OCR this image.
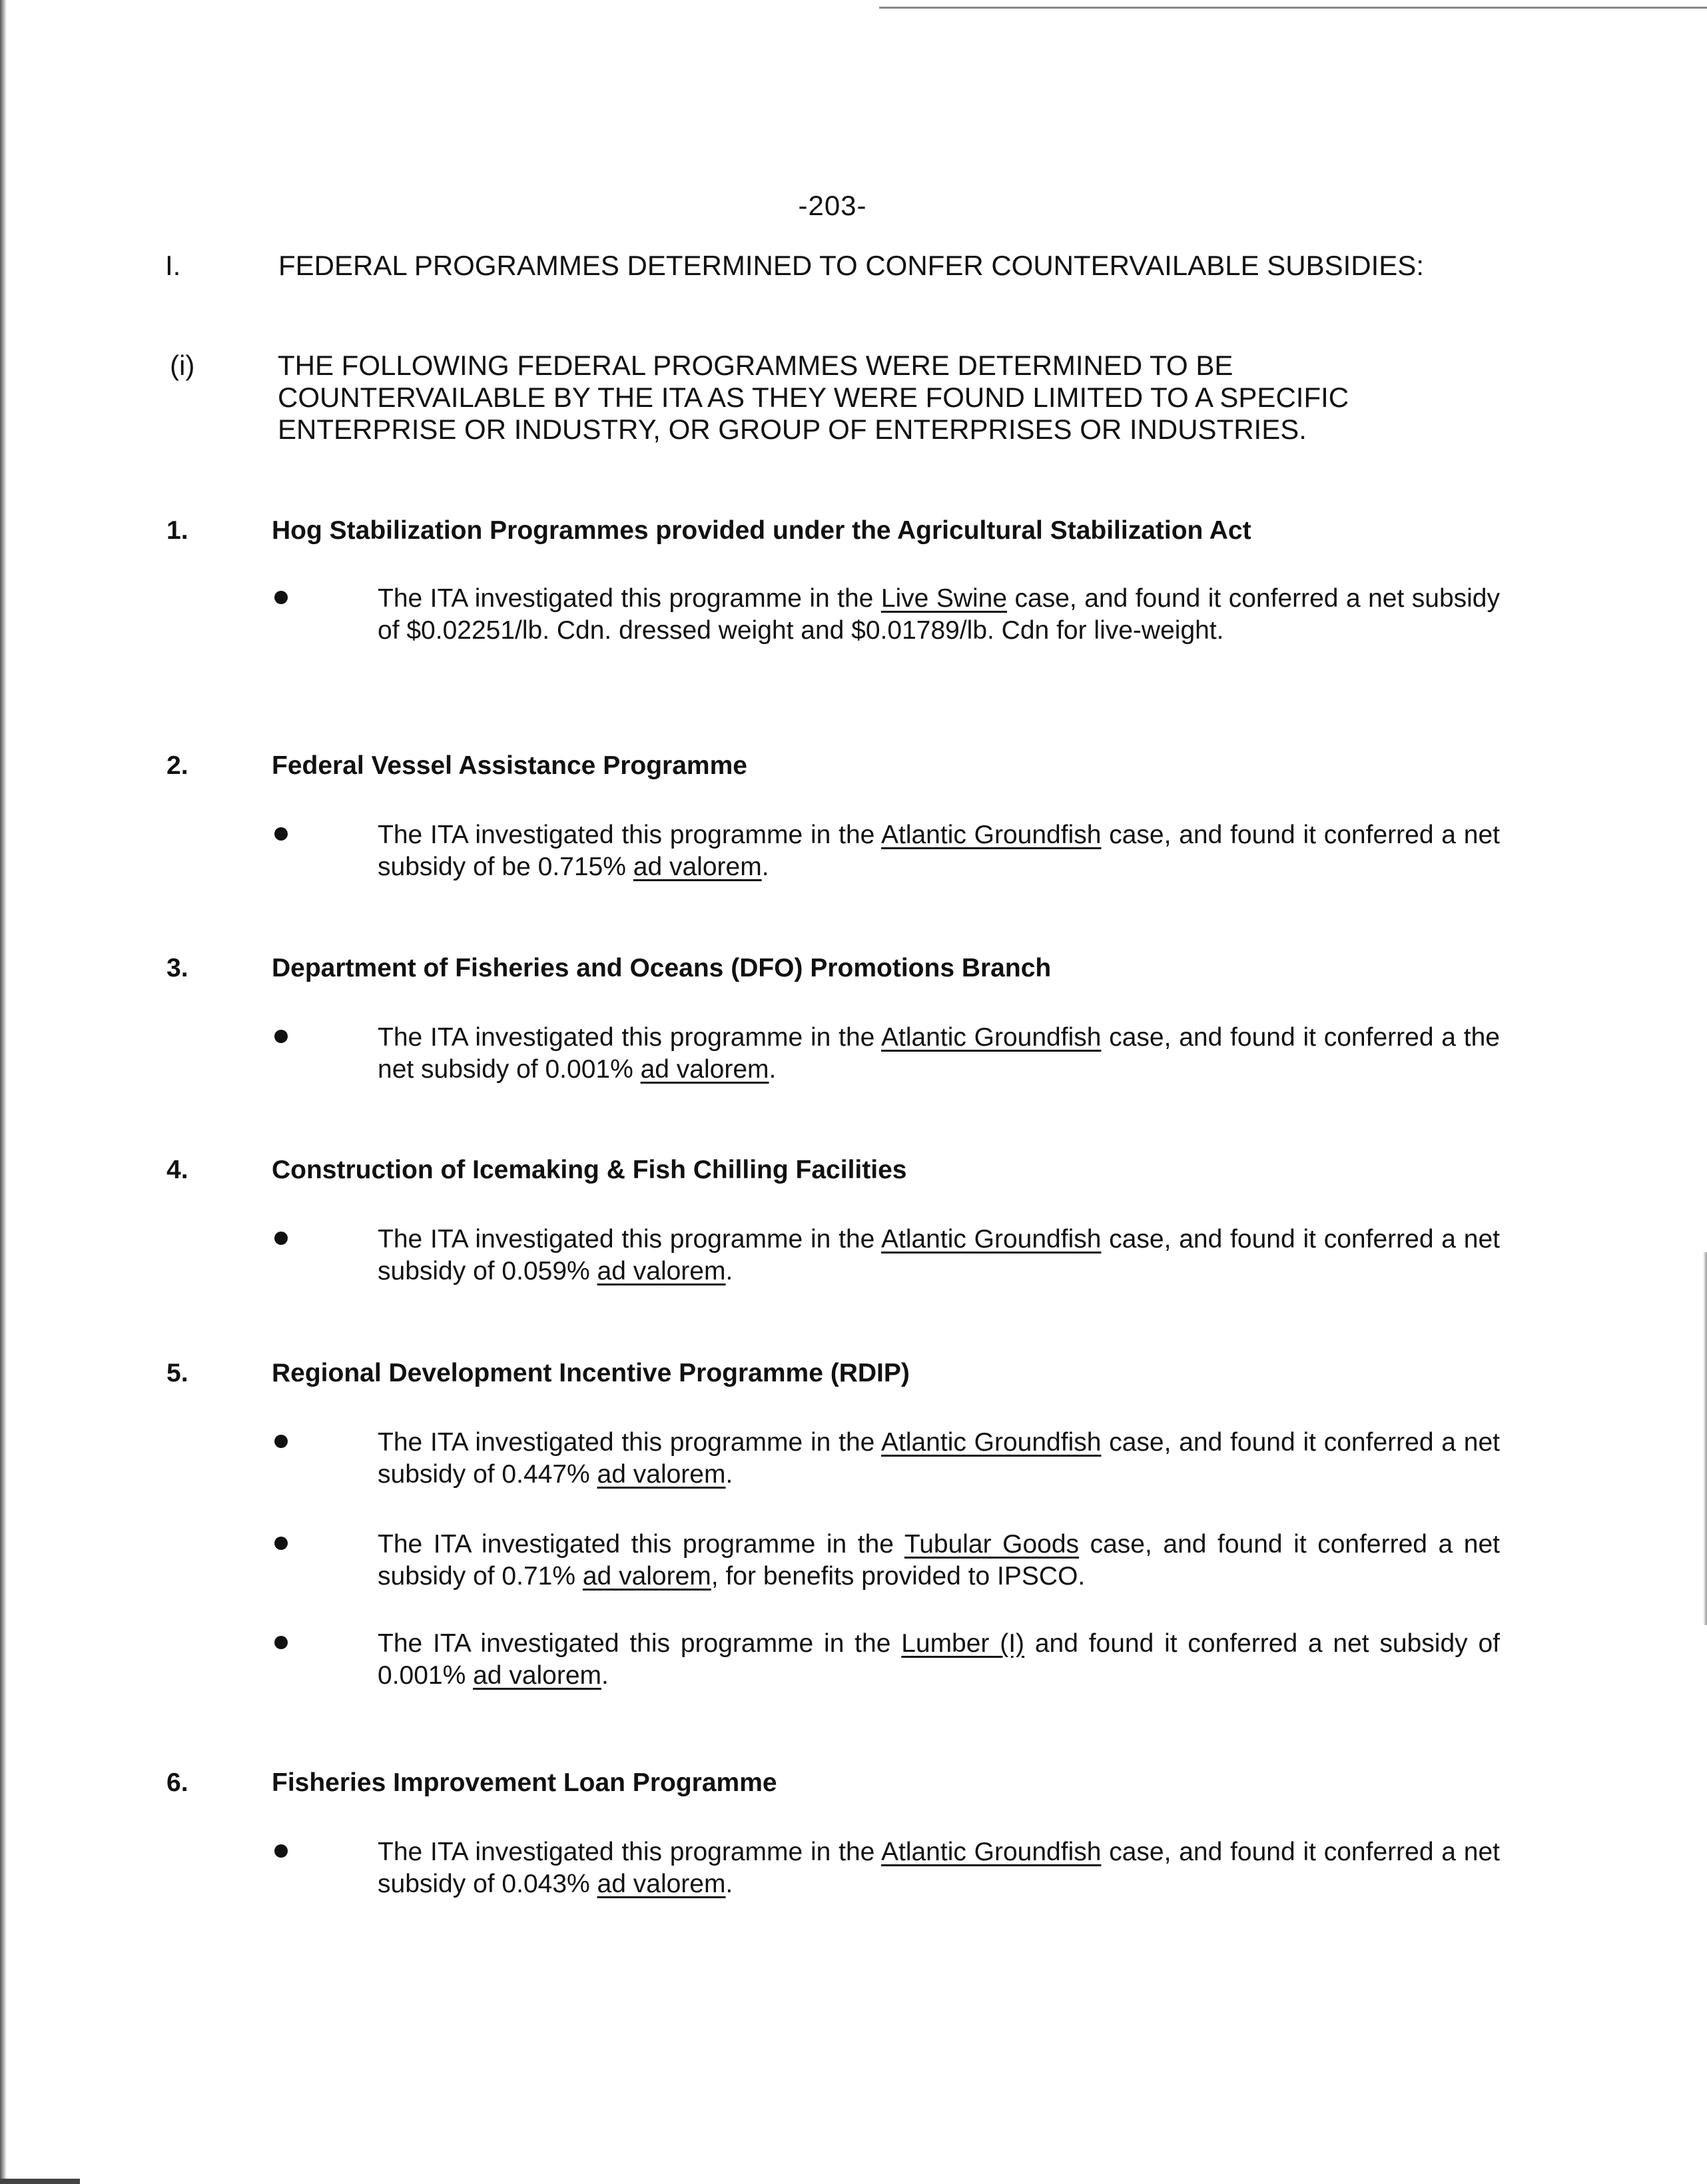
-203-
I.	FEDERAL PROGRAMMES DETERMINED TO CONFER COUNTERVAILABLE SUBSIDIES:
(i)	THE FOLLOWING FEDERAL PROGRAMMES WERE DETERMINED TO BE COUNTERVAILABLE BY THE ITA AS THEY WERE FOUND LIMITED TO A SPECIFIC ENTERPRISE OR INDUSTRY, OR GROUP OF ENTERPRISES OR INDUSTRIES.
1.	Hog Stabilization Programmes provided under the Agricultural Stabilization Act
The ITA investigated this programme in the Live Swine case, and found it conferred a net subsidy of $0.02251/lb. Cdn. dressed weight and $0.01789/lb. Cdn for live-weight.
2.	Federal Vessel Assistance Programme
The ITA investigated this programme in the Atlantic Groundfish case, and found it conferred a net subsidy of be 0.715% ad valorem.
3.	Department of Fisheries and Oceans (DFO) Promotions Branch
The ITA investigated this programme in the Atlantic Groundfish case, and found it conferred a the net subsidy of 0.001% ad valorem.
4.	Construction of Icemaking & Fish Chilling Facilities
The ITA investigated this programme in the Atlantic Groundfish case, and found it conferred a net subsidy of 0.059% ad valorem.
5.	Regional Development Incentive Programme (RDIP)
The ITA investigated this programme in the Atlantic Groundfish case, and found it conferred a net subsidy of 0.447% ad valorem.
The ITA investigated this programme in the Tubular Goods case, and found it conferred a net subsidy of 0.71% ad valorem, for benefits provided to IPSCO.
The ITA investigated this programme in the Lumber (I) and found it conferred a net subsidy of 0.001% ad valorem.
6.	Fisheries Improvement Loan Programme
The ITA investigated this programme in the Atlantic Groundfish case, and found it conferred a net subsidy of 0.043% ad valorem.
